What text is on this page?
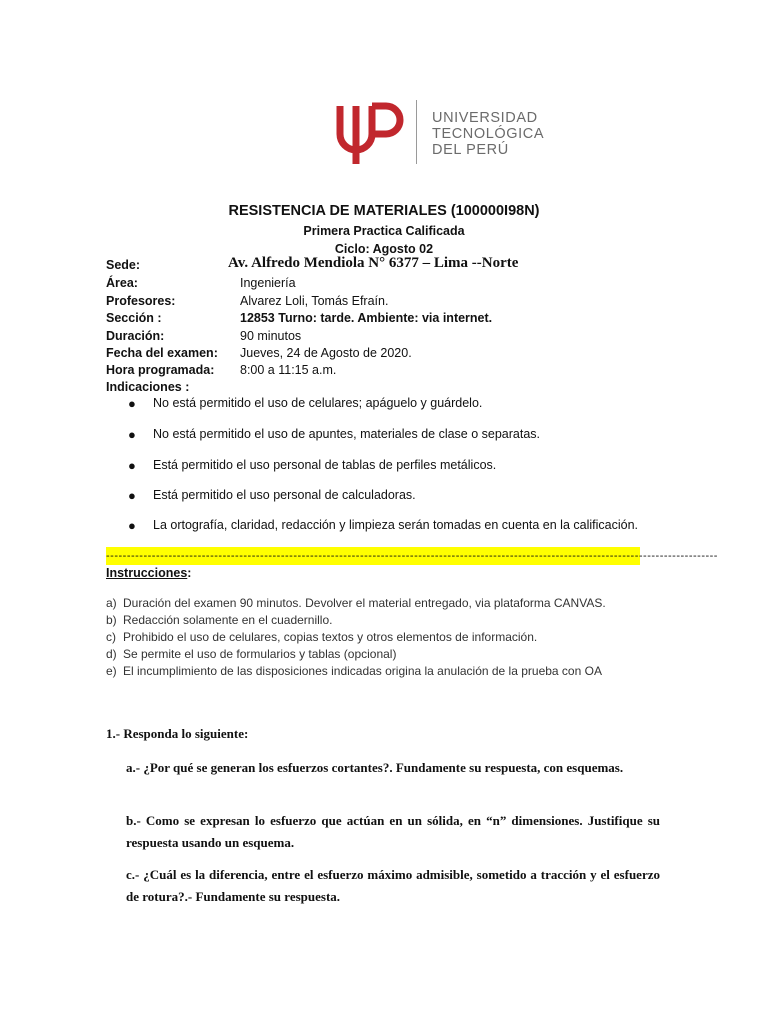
UNIVERSIDAD
TECNOLÓGICA
DEL PERÚ
RESISTENCIA DE MATERIALES (100000I98N)
Primera Practica Calificada
Ciclo: Agosto 02
Sede:	Av. Alfredo Mendiola N° 6377 – Lima --Norte
Área:	Ingeniería
Profesores:	Alvarez Loli, Tomás Efraín.
Sección :	12853 Turno: tarde. Ambiente: via internet.
Duración:	90 minutos
Fecha del examen: Jueves, 24 de Agosto de 2020.
Hora programada: 8:00 a 11:15 a.m.
Indicaciones :
● No está permitido el uso de celulares; apáguelo y guárdelo.
● No está permitido el uso de apuntes, materiales de clase o separatas.
● Está permitido el uso personal de tablas de perfiles metálicos.
● Está permitido el uso personal de calculadoras.
● La ortografía, claridad, redacción y limpieza serán tomadas en cuenta en la calificación.
---------------------------------------------------------------------------------------------------------------------------------------------------
Instrucciones:
a) Duración del examen 90 minutos. Devolver el material entregado, via plataforma CANVAS.
b) Redacción solamente en el cuadernillo.
c) Prohibido el uso de celulares, copias textos y otros elementos de información.
d) Se permite el uso de formularios y tablas (opcional)
e) El incumplimiento de las disposiciones indicadas origina la anulación de la prueba con OA
1.- Responda lo siguiente:
a.- ¿Por qué se generan los esfuerzos cortantes?. Fundamente su respuesta, con esquemas.
b.- Como se expresan lo esfuerzo que actúan en un sólida, en “n” dimensiones. Justifique su respuesta usando un esquema.
c.- ¿Cuál es la diferencia, entre el esfuerzo máximo admisible, sometido a tracción y el esfuerzo de rotura?.- Fundamente su respuesta.
